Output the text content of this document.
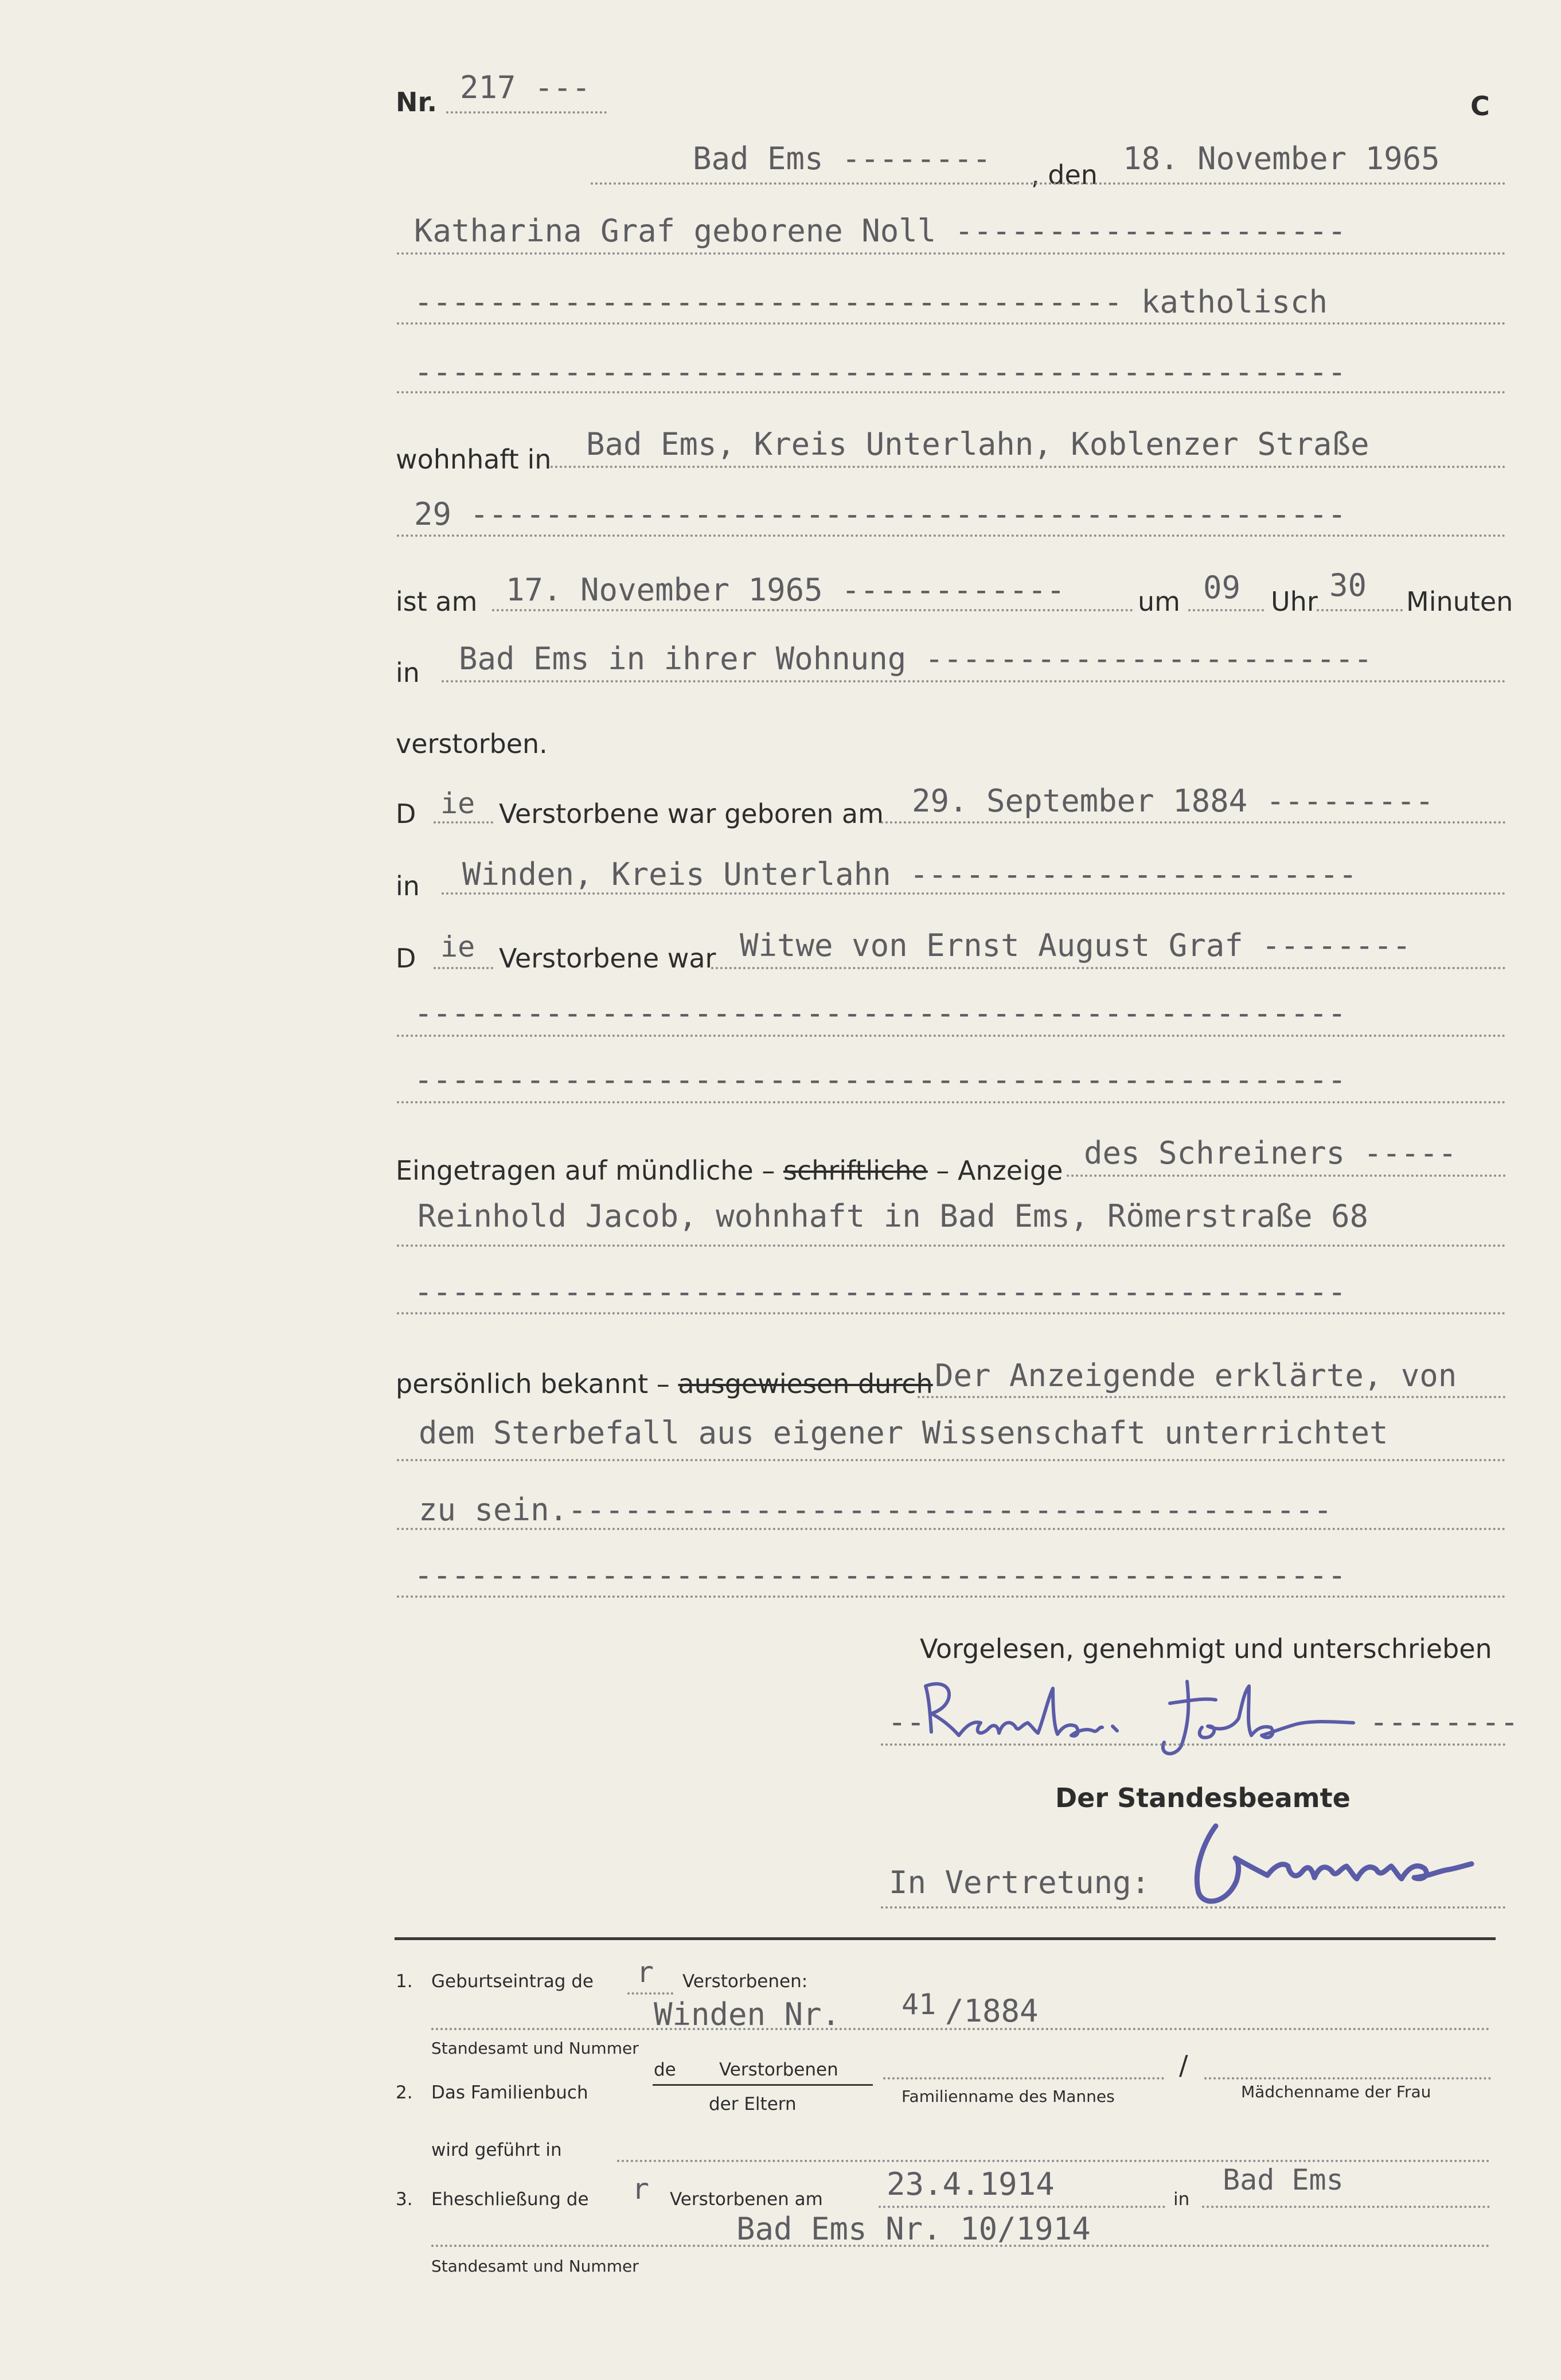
Nr. 217 ---
C
Bad Ems -------- , den 18. November 1965
Katharina Graf geborene Noll ---------------------
-------------------------------------- katholisch
--------------------------------------------------
wohnhaft in Bad Ems, Kreis Unterlahn, Koblenzer Straße
29 -----------------------------------------------
ist am 17. November 1965 ------------	um 09 Uhr 30 Minuten
in Bad Ems in ihrer Wohnung ------------------------
verstorben.
D ie Verstorbene war geboren am 29. September 1884 ---------
in Winden, Kreis Unterlahn ------------------------
D ie Verstorbene war Witwe von Ernst August Graf --------
--------------------------------------------------
--------------------------------------------------
Eingetragen auf mündliche – schriftliche – Anzeige des Schreiners -----
Reinhold Jacob, wohnhaft in Bad Ems, Römerstraße 68
--------------------------------------------------
persönlich bekannt – ausgewiesen durch Der Anzeigende erklärte, von
dem Sterbefall aus eigener Wissenschaft unterrichtet
zu sein.-----------------------------------------
--------------------------------------------------
Vorgelesen, genehmigt und unterschrieben
--	--------
Der Standesbeamte
In Vertretung:
1. Geburtseintrag de r Verstorbenen:
Winden Nr. 41 /1884
Standesamt und Nummer
2. Das Familienbuch
de Verstorbenen
der Eltern
/
Familienname des Mannes	Mädchenname der Frau
wird geführt in
3. Eheschließung de r Verstorbenen am 23.4.1914	in
Bad Ems
Bad Ems Nr. 10/1914
Standesamt und Nummer
